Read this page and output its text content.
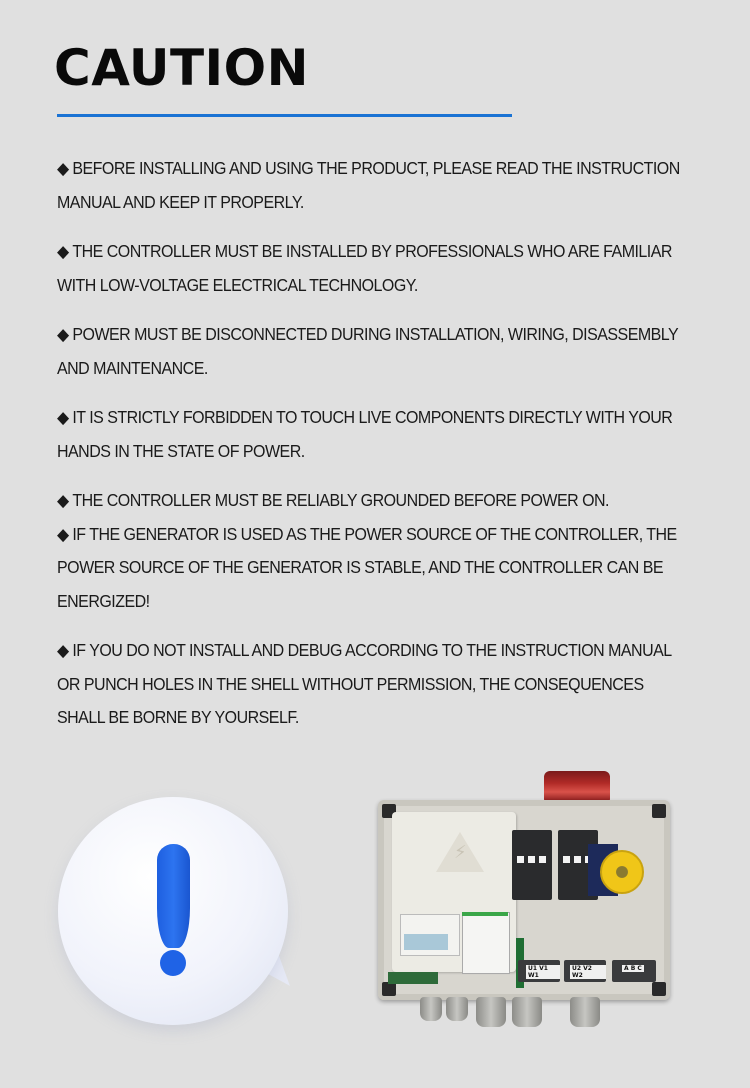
CAUTION
◆ BEFORE INSTALLING AND USING THE PRODUCT, PLEASE READ THE INSTRUCTION
MANUAL AND KEEP IT PROPERLY.
◆ THE CONTROLLER MUST BE INSTALLED BY PROFESSIONALS WHO ARE FAMILIAR
WITH LOW-VOLTAGE ELECTRICAL TECHNOLOGY.
◆ POWER MUST BE DISCONNECTED DURING INSTALLATION, WIRING, DISASSEMBLY
AND MAINTENANCE.
◆ IT IS STRICTLY FORBIDDEN TO TOUCH LIVE COMPONENTS DIRECTLY WITH YOUR
HANDS IN THE STATE OF POWER.
◆ THE CONTROLLER MUST BE RELIABLY GROUNDED BEFORE POWER ON.
◆ IF THE GENERATOR IS USED AS THE POWER SOURCE OF THE CONTROLLER, THE
POWER SOURCE OF THE GENERATOR IS STABLE, AND THE CONTROLLER CAN BE
ENERGIZED!
◆ IF YOU DO NOT INSTALL AND DEBUG ACCORDING TO THE INSTRUCTION MANUAL
OR PUNCH HOLES IN THE SHELL WITHOUT PERMISSION, THE CONSEQUENCES
SHALL BE BORNE BY YOURSELF.
⚡
U1 V1 W1
U2 V2 W2
A B C
